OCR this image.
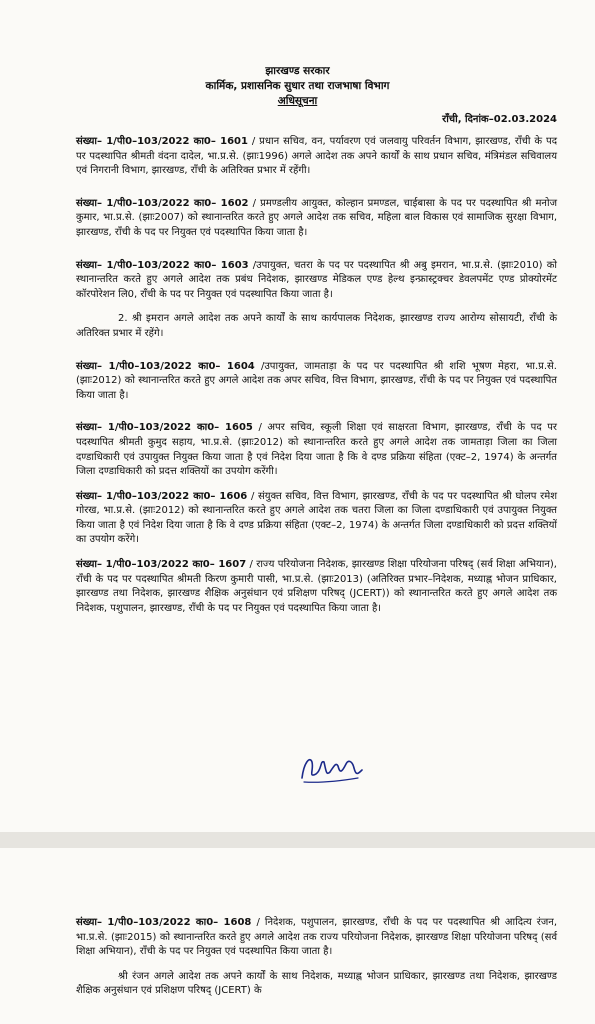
झारखण्ड सरकार
कार्मिक, प्रशासनिक सुधार तथा राजभाषा विभाग
अधिसूचना
राँची, दिनांक–02.03.2024
संख्या– 1/पी0–103/2022 का0– 1601 / प्रधान सचिव, वन, पर्यावरण एवं जलवायु परिवर्तन विभाग, झारखण्ड, राँची के पद पर पदस्थापित श्रीमती वंदना दादेल, भा.प्र.से. (झाः1996) अगले आदेश तक अपने कार्यों के साथ प्रधान सचिव, मंत्रिमंडल सचिवालय एवं निगरानी विभाग, झारखण्ड, राँची के अतिरिक्त प्रभार में रहेंगी।
संख्या– 1/पी0–103/2022 का0– 1602 / प्रमण्डलीय आयुक्त, कोल्हान प्रमण्डल, चाईबासा के पद पर पदस्थापित श्री मनोज कुमार, भा.प्र.से. (झाः2007) को स्थानान्तरित करते हुए अगले आदेश तक सचिव, महिला बाल विकास एवं सामाजिक सुरक्षा विभाग, झारखण्ड, राँची के पद पर नियुक्त एवं पदस्थापित किया जाता है।
संख्या– 1/पी0–103/2022 का0– 1603 /उपायुक्त, चतरा के पद पर पदस्थापित श्री अबु इमरान, भा.प्र.से. (झाः2010) को स्थानान्तरित करते हुए अगले आदेश तक प्रबंध निदेशक, झारखण्ड मेडिकल एण्ड हेल्थ इन्फ्रास्ट्रक्चर डेवलपमेंट एण्ड प्रोक्योरमेंट कॉरपोरेशन लि0, राँची के पद पर नियुक्त एवं पदस्थापित किया जाता है।
2. श्री इमरान अगले आदेश तक अपने कार्यों के साथ कार्यपालक निदेशक, झारखण्ड राज्य आरोग्य सोसायटी, राँची के अतिरिक्त प्रभार में रहेंगे।
संख्या– 1/पी0–103/2022 का0– 1604 /उपायुक्त, जामताड़ा के पद पर पदस्थापित श्री शशि भूषण मेहरा, भा.प्र.से. (झाः2012) को स्थानान्तरित करते हुए अगले आदेश तक अपर सचिव, वित्त विभाग, झारखण्ड, राँची के पद पर नियुक्त एवं पदस्थापित किया जाता है।
संख्या– 1/पी0–103/2022 का0– 1605 / अपर सचिव, स्कूली शिक्षा एवं साक्षरता विभाग, झारखण्ड, राँची के पद पर पदस्थापित श्रीमती कुमुद सहाय, भा.प्र.से. (झाः2012) को स्थानान्तरित करते हुए अगले आदेश तक जामताड़ा जिला का जिला दण्डाधिकारी एवं उपायुक्त नियुक्त किया जाता है एवं निदेश दिया जाता है कि वे दण्ड प्रक्रिया संहिता (एक्ट–2, 1974) के अन्तर्गत जिला दण्डाधिकारी को प्रदत्त शक्तियों का उपयोग करेंगी।
संख्या– 1/पी0–103/2022 का0– 1606 / संयुक्त सचिव, वित्त विभाग, झारखण्ड, राँची के पद पर पदस्थापित श्री घोलप रमेश गोरख, भा.प्र.से. (झाः2012) को स्थानान्तरित करते हुए अगले आदेश तक चतरा जिला का जिला दण्डाधिकारी एवं उपायुक्त नियुक्त किया जाता है एवं निदेश दिया जाता है कि वे दण्ड प्रक्रिया संहिता (एक्ट–2, 1974) के अन्तर्गत जिला दण्डाधिकारी को प्रदत्त शक्तियों का उपयोग करेंगे।
संख्या– 1/पी0–103/2022 का0– 1607 / राज्य परियोजना निदेशक, झारखण्ड शिक्षा परियोजना परिषद् (सर्व शिक्षा अभियान), राँची के पद पर पदस्थापित श्रीमती किरण कुमारी पासी, भा.प्र.से. (झाः2013) (अतिरिक्त प्रभार–निदेशक, मध्याह्न भोजन प्राधिकार, झारखण्ड तथा निदेशक, झारखण्ड शैक्षिक अनुसंधान एवं प्रशिक्षण परिषद् (JCERT)) को स्थानान्तरित करते हुए अगले आदेश तक निदेशक, पशुपालन, झारखण्ड, राँची के पद पर नियुक्त एवं पदस्थापित किया जाता है।
संख्या– 1/पी0–103/2022 का0– 1608 / निदेशक, पशुपालन, झारखण्ड, राँची के पद पर पदस्थापित श्री आदित्य रंजन, भा.प्र.से. (झाः2015) को स्थानान्तरित करते हुए अगले आदेश तक राज्य परियोजना निदेशक, झारखण्ड शिक्षा परियोजना परिषद् (सर्व शिक्षा अभियान), राँची के पद पर नियुक्त एवं पदस्थापित किया जाता है।
श्री रंजन अगले आदेश तक अपने कार्यों के साथ निदेशक, मध्याह्न भोजन प्राधिकार, झारखण्ड तथा निदेशक, झारखण्ड शैक्षिक अनुसंधान एवं प्रशिक्षण परिषद् (JCERT) के
